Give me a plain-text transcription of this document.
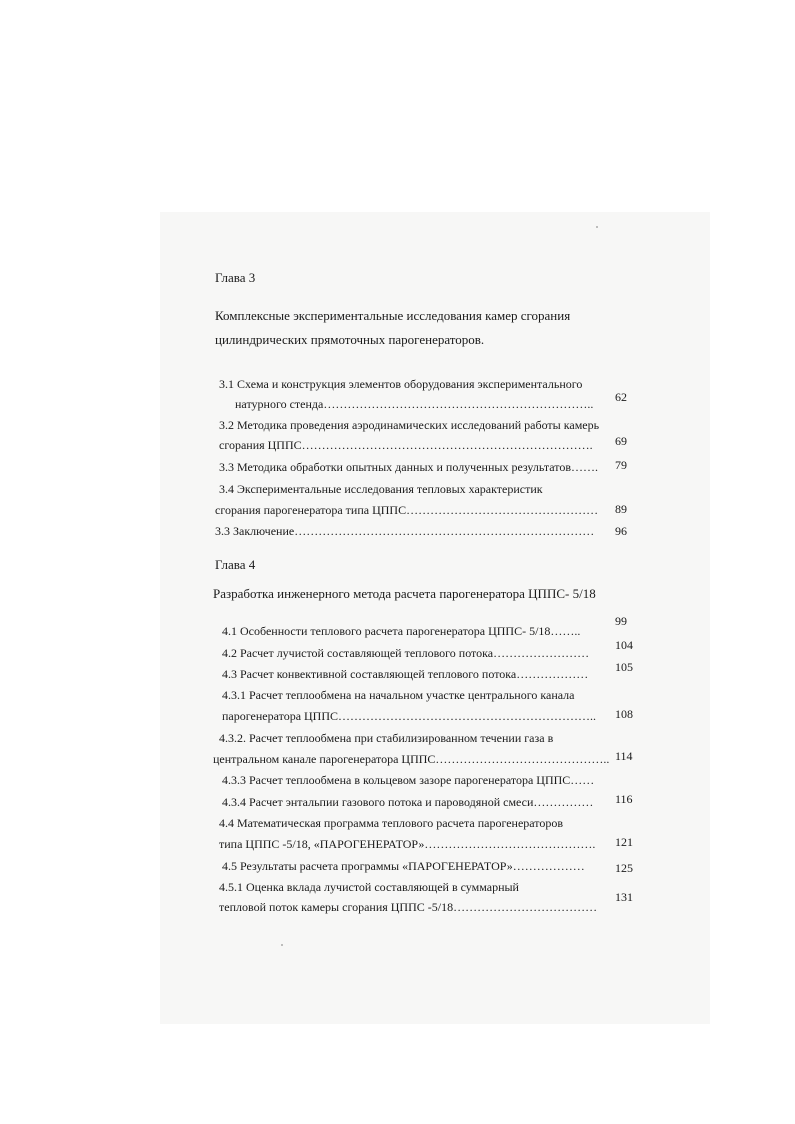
Глава 3
Комплексные экспериментальные исследования камер сгорания
цилиндрических прямоточных парогенераторов.
3.1 Схема и конструкция элементов оборудования экспериментального
натурного стенда………………………………………………………….. 62
3.2 Методика проведения аэродинамических исследований работы камерь
сгорания ЦППС………………………………………………………………. 69
3.3 Методика обработки опытных данных и полученных результатов……. 79
3.4 Экспериментальные исследования тепловых характеристик
сгорания парогенератора типа ЦППС………………………………………… 89
3.3 Заключение………………………………………………………………… 96
Глава 4
Разработка инженерного метода расчета парогенератора ЦППС- 5/18
4.1 Особенности теплового расчета парогенератора ЦППС- 5/18……..
99
4.2 Расчет лучистой составляющей теплового потока……………………
104
4.3 Расчет конвективной составляющей теплового потока……………… 105
4.3.1 Расчет теплообмена на начальном участке центрального канала
парогенератора ЦППС……………………………………………………….. 108
4.3.2. Расчет теплообмена при стабилизированном течении газа в
центральном канале парогенератора ЦППС…………………………………….. 114
4.3.3 Расчет теплообмена в кольцевом зазоре парогенератора ЦППС……
4.3.4 Расчет энтальпии газового потока и пароводяной смеси…………… 116
4.4 Математическая программа теплового расчета парогенераторов
типа ЦППС -5/18, «ПАРОГЕНЕРАТОР»……………………………………. 121
4.5 Результаты расчета программы «ПАРОГЕНЕРАТОР»………………	125
4.5.1 Оценка вклада лучистой составляющей в суммарный
тепловой поток камеры сгорания ЦППС -5/18………………………………
131
